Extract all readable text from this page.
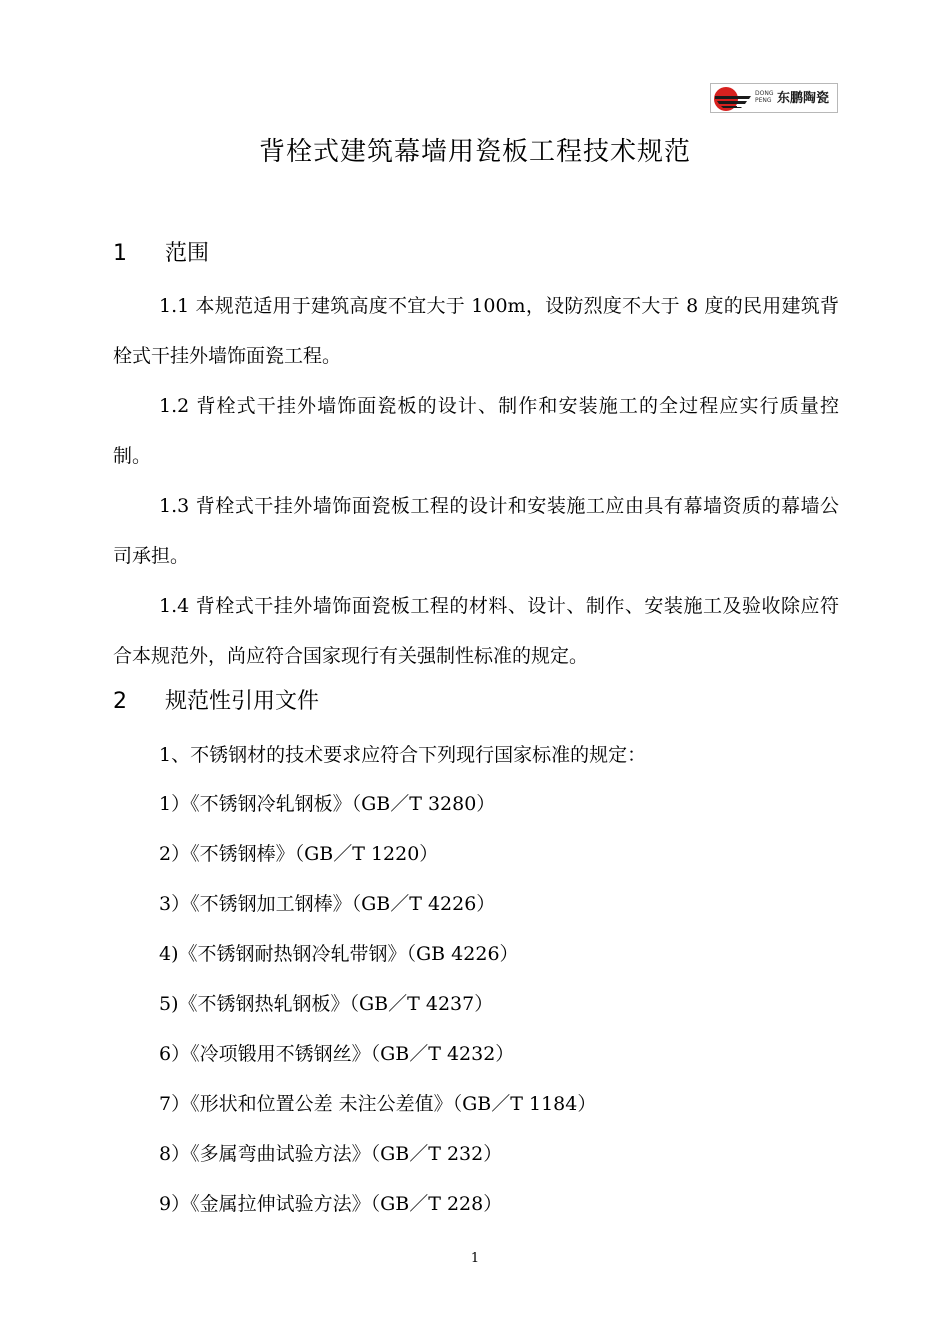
DONG PENG 东鹏陶瓷
背栓式建筑幕墙用瓷板工程技术规范
1 范围
1.1 本规范适用于建筑高度不宜大于 100m，设防烈度不大于 8 度的民用建筑背栓式干挂外墙饰面瓷工程。
1.2 背栓式干挂外墙饰面瓷板的设计、制作和安装施工的全过程应实行质量控制。
1.3 背栓式干挂外墙饰面瓷板工程的设计和安装施工应由具有幕墙资质的幕墙公司承担。
1.4 背栓式干挂外墙饰面瓷板工程的材料、设计、制作、安装施工及验收除应符合本规范外，尚应符合国家现行有关强制性标准的规定。
2 规范性引用文件
1、不锈钢材的技术要求应符合下列现行国家标准的规定：
1）《不锈钢冷轧钢板》（GB／T 3280）
2）《不锈钢棒》（GB／T 1220）
3）《不锈钢加工钢棒》（GB／T 4226）
4)《不锈钢耐热钢冷轧带钢》（GB 4226）
5)《不锈钢热轧钢板》（GB／T 4237）
6）《冷项锻用不锈钢丝》（GB／T 4232）
7）《形状和位置公差 未注公差值》（GB／T 1184）
8）《多属弯曲试验方法》（GB／T 232）
9）《金属拉伸试验方法》（GB／T 228）
1
